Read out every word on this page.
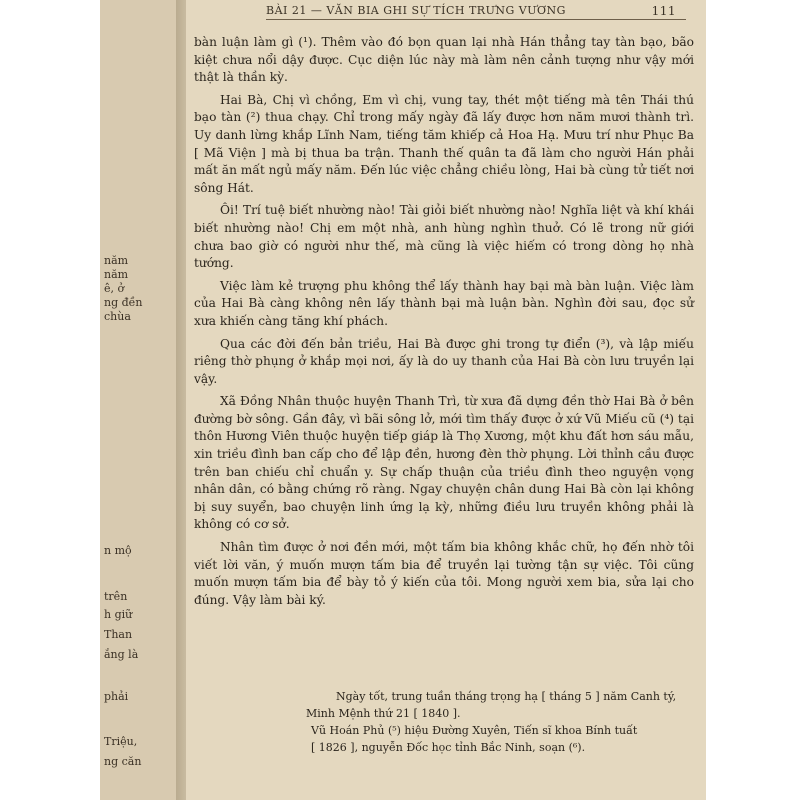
năm
năm
ê, ở
ng đền
chùa
n mộ
trên
h giữ
Than
ắng là
phải
Triệu,
ng căn
BÀI 21 — VĂN BIA GHI SỰ TÍCH TRƯNG VƯƠNG	111

bàn luận làm gì (¹). Thêm vào đó bọn quan lại nhà Hán thẳng tay tàn bạo, bão kiệt chưa nổi dậy được. Cục diện lúc này mà làm nên cảnh tượng như vậy mới thật là thần kỳ.

Hai Bà, Chị vì chồng, Em vì chị, vung tay, thét một tiếng mà tên Thái thú bạo tàn (²) thua chạy. Chỉ trong mấy ngày đã lấy được hơn năm mươi thành trì. Uy danh lừng khắp Lĩnh Nam, tiếng tăm khiếp cả Hoa Hạ. Mưu trí như Phục Ba [ Mã Viện ] mà bị thua ba trận. Thanh thế quân ta đã làm cho người Hán phải mất ăn mất ngủ mấy năm. Đến lúc việc chẳng chiều lòng, Hai bà cùng tử tiết nơi sông Hát.

Ôi! Trí tuệ biết nhường nào! Tài giỏi biết nhường nào! Nghĩa liệt và khí khái biết nhường nào! Chị em một nhà, anh hùng nghìn thuở. Có lẽ trong nữ giới chưa bao giờ có người như thế, mà cũng là việc hiếm có trong dòng họ nhà tướng.

Việc làm kẻ trượng phu không thể lấy thành hay bại mà bàn luận. Việc làm của Hai Bà càng không nên lấy thành bại mà luận bàn. Nghìn đời sau, đọc sử xưa khiến càng tăng khí phách.

Qua các đời đến bản triều, Hai Bà được ghi trong tự điển (³), và lập miếu riêng thờ phụng ở khắp mọi nơi, ấy là do uy thanh của Hai Bà còn lưu truyền lại vậy.

Xã Đồng Nhân thuộc huyện Thanh Trì, từ xưa đã dựng đền thờ Hai Bà ở bên đường bờ sông. Gần đây, vì bãi sông lở, mới tìm thấy được ở xứ Vũ Miếu cũ (⁴) tại thôn Hương Viên thuộc huyện tiếp giáp là Thọ Xương, một khu đất hơn sáu mẫu, xin triều đình ban cấp cho để lập đền, hương đèn thờ phụng. Lời thỉnh cầu được trên ban chiếu chỉ chuẩn y. Sự chấp thuận của triều đình theo nguyện vọng nhân dân, có bằng chứng rõ ràng. Ngay chuyện chân dung Hai Bà còn lại không bị suy suyển, bao chuyện linh ứng lạ kỳ, những điều lưu truyền không phải là không có cơ sở.

Nhân tìm được ở nơi đền mới, một tấm bia không khắc chữ, họ đến nhờ tôi viết lời văn, ý muốn mượn tấm bia để truyền lại tường tận sự việc. Tôi cũng muốn mượn tấm bia để bày tỏ ý kiến của tôi. Mong người xem bia, sửa lại cho đúng. Vậy làm bài ký.

Ngày tốt, trung tuần tháng trọng hạ [ tháng 5 ] năm Canh tý,
Minh Mệnh thứ 21 [ 1840 ].
Vũ Hoán Phủ (⁵) hiệu Đường Xuyên, Tiến sĩ khoa Bính tuất
[ 1826 ], nguyễn Đốc học tỉnh Bắc Ninh, soạn (⁶).
